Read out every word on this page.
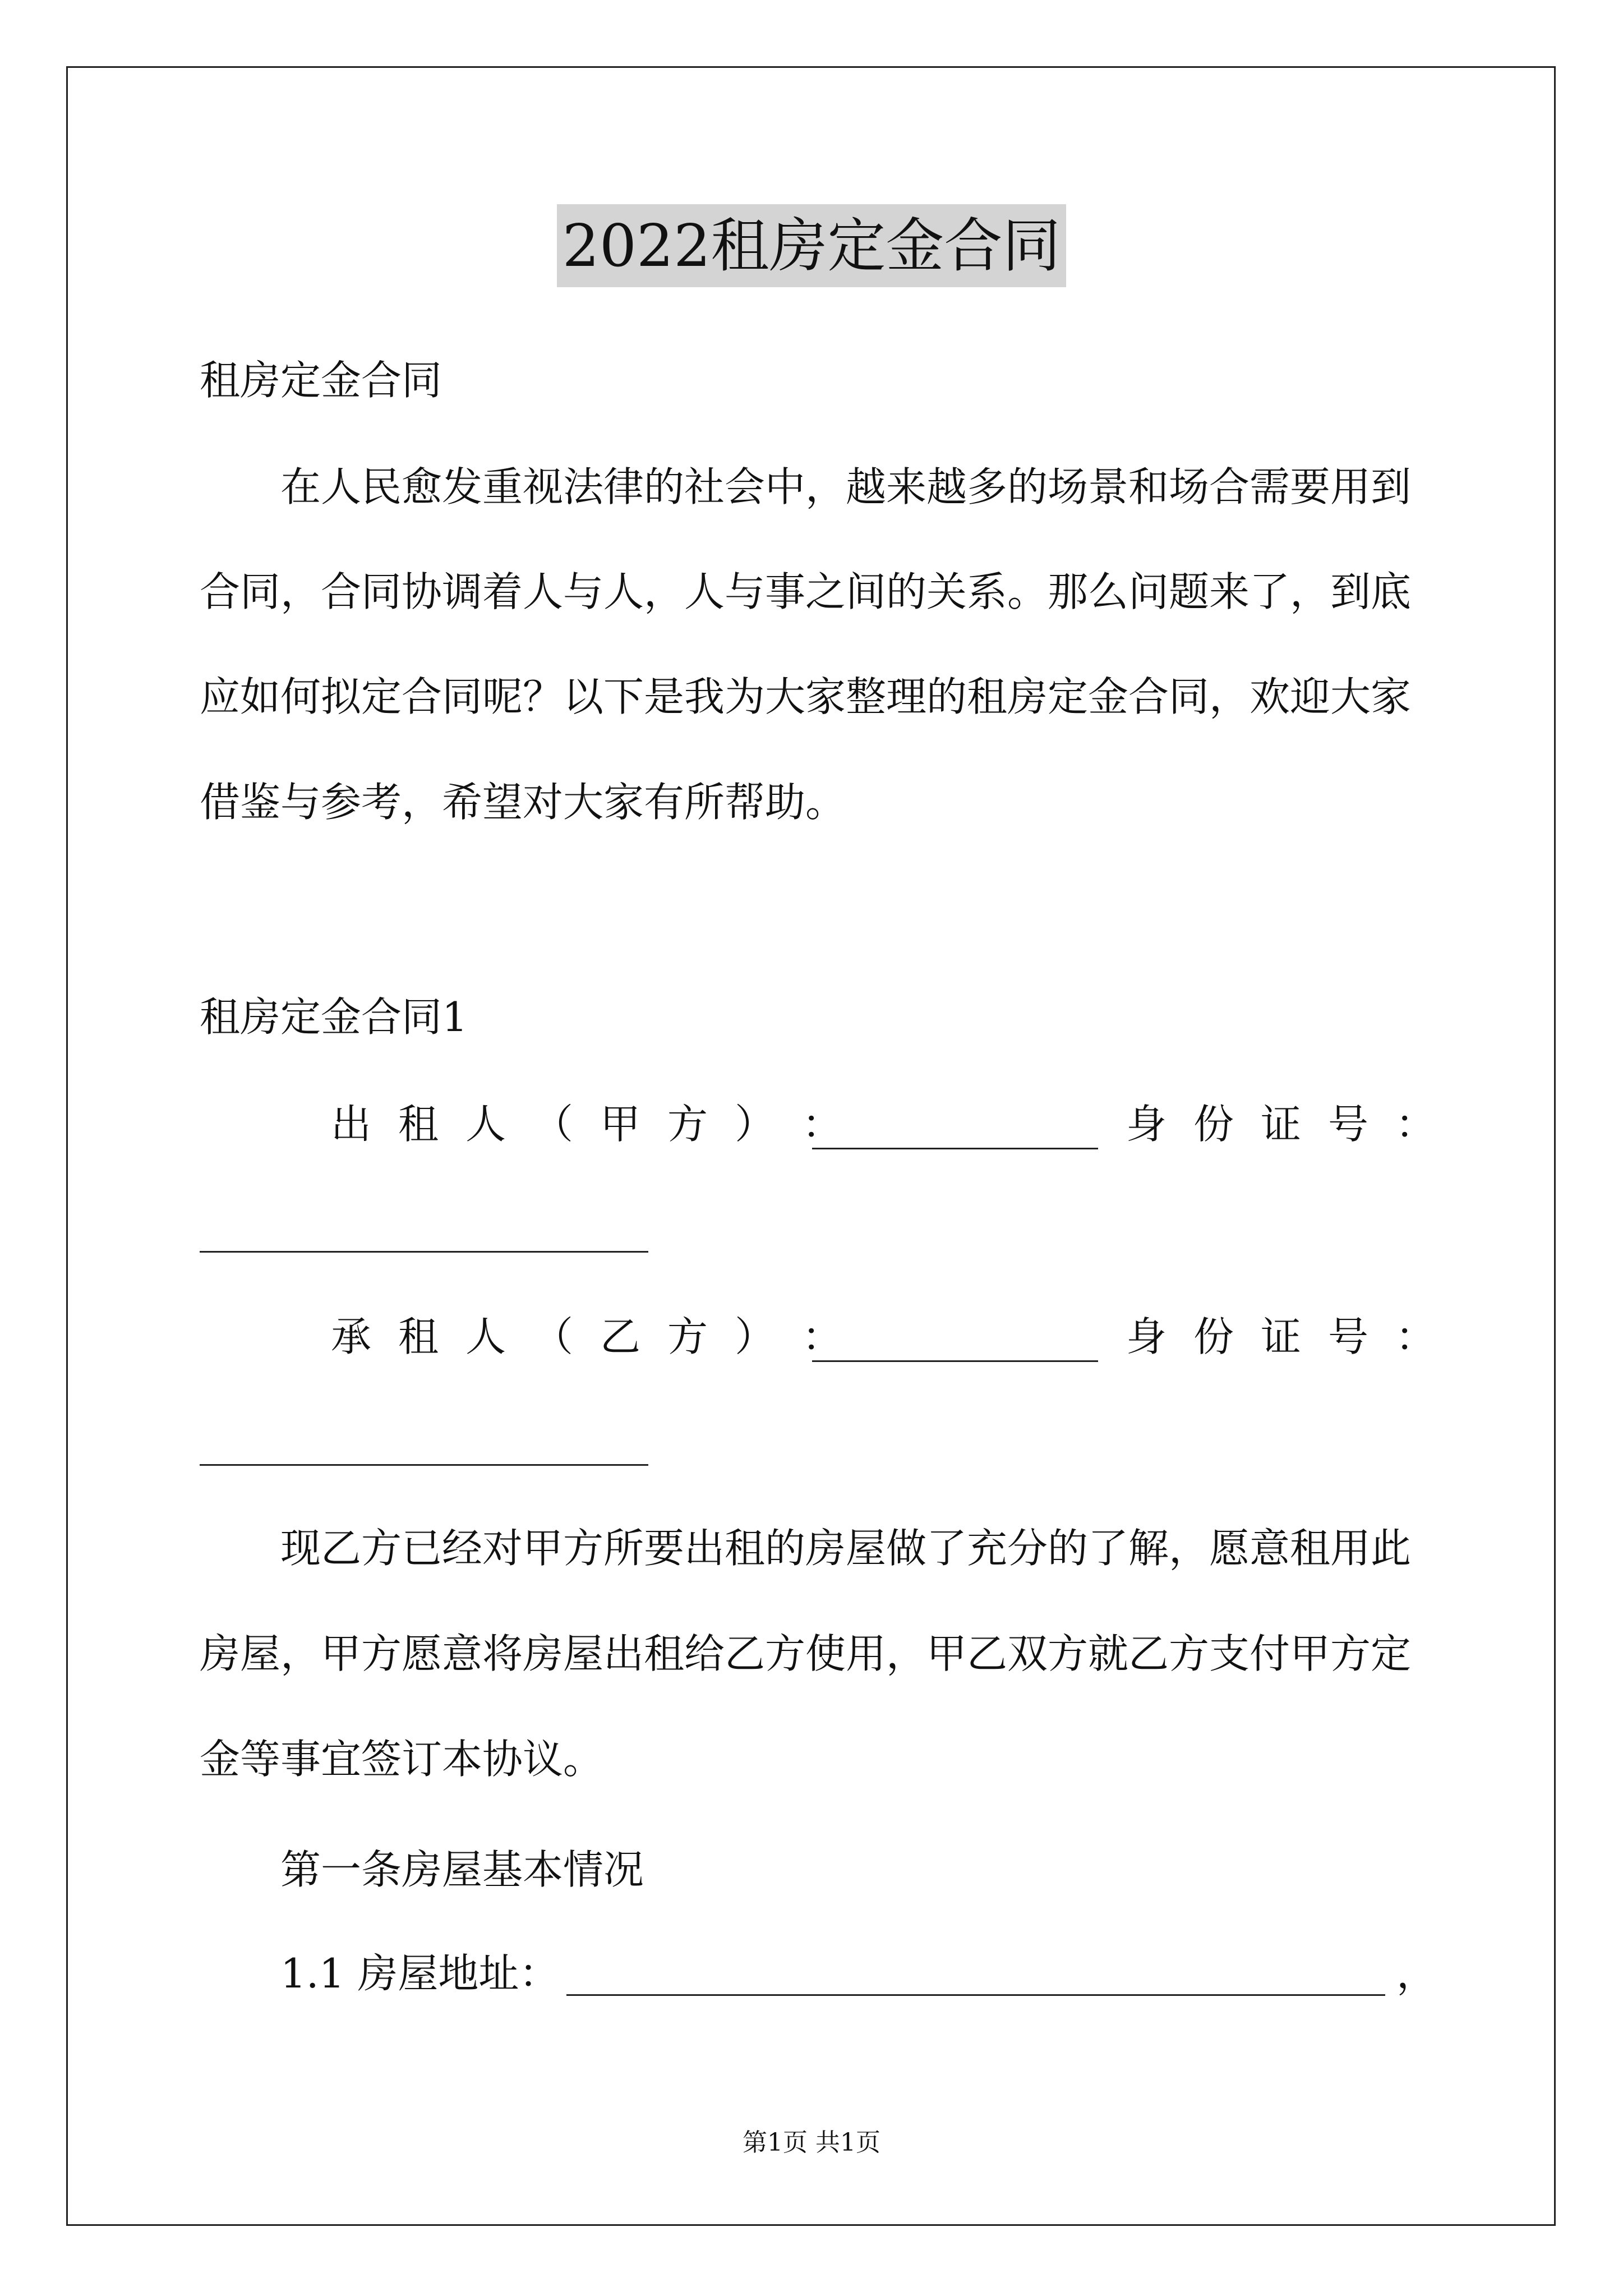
2022租房定金合同
租房定金合同
在人民愈发重视法律的社会中，越来越多的场景和场合需要用到
合同，合同协调着人与人，人与事之间的关系。那么问题来了，到底
应如何拟定合同呢？以下是我为大家整理的租房定金合同，欢迎大家
借鉴与参考，希望对大家有所帮助。
租房定金合同1
出 租 人 （ 甲 方 ） ：	身 份 证 号 ：
承 租 人 （ 乙 方 ） ：	身 份 证 号 ：
现乙方已经对甲方所要出租的房屋做了充分的了解，愿意租用此
房屋，甲方愿意将房屋出租给乙方使用，甲乙双方就乙方支付甲方定
金等事宜签订本协议。
第一条房屋基本情况
1.1 房屋地址：	，
第1页 共1页
